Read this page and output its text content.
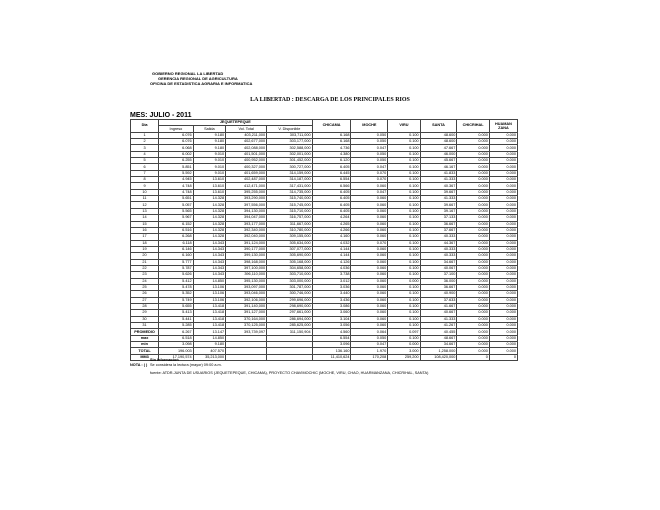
GOBIERNO REGIONAL LA LIBERTAD
GERENCIA REGIONAL DE AGRICULTURA
OFICINA DE ESTADISTICA AGRARIA E INFORMATICA
LA LIBERTAD : DESCARGA DE LOS PRINCIPALES RIOS
MES: JULIO - 2011
Dia	JEQUETEPEQUE				CHICAMA	MOCHE	VIRU	SANTA	CHICRIHAL	HUAMAN ZANA
	Ingreso	Salida	Vol. Total	V. Disponible						
1	6.076	9.180	403,211,000	303,711,000	6.168	0.050	0.100	48.600	0.000	0.000
2	6.076	9.180	402,677,000	303,177,000	6.168	0.050	0.100	48.600	0.000	0.000
3	6.068	9.180	402,088,000	302,588,000	4.736	0.047	0.100	47.667	0.000	0.000
4	6.002	9.010	401,501,000	302,001,000	4.380	0.050	0.100	46.000	0.000	0.000
5	6.255	9.010	400,952,000	301,452,000	6.120	0.050	0.100	45.667	0.000	0.000
6	5.851	9.010	400,327,000	300,727,000	6.405	0.047	0.100	46.167	0.000	0.000
7	5.592	9.010	401,659,000	314,159,000	6.445	0.070	0.100	41.833	0.000	0.000
8	4.945	13.610	402,487,000	314,187,000	6.554	0.070	0.100	41.333	0.000	0.000
9	4.748	13.610	412,471,000	317,431,000	6.566	0.060	0.100	40.367	0.000	0.000
10	4.748	13.610	395,255,000	314,735,000	6.405	0.047	0.100	39.667	0.000	0.000
11	5.651	14.328	393,290,000	315,740,000	6.405	0.060	0.100	41.333	0.000	0.000
12	5.057	14.328	397,556,000	315,745,000	6.405	0.060	0.100	39.667	0.000	0.000
13	5.565	14.328	394,130,000	315,710,000	6.405	0.060	0.100	39.167	0.000	0.000
14	5.967	14.328	394,047,000	316,757,000	4.264	0.060	0.100	37.133	0.000	0.000
15	6.152	14.328	393,177,000	311,667,000	4.265	0.060	0.100	36.667	0.000	0.000
16	6.516	14.328	392,340,000	310,780,000	4.266	0.060	0.100	37.667	0.000	0.000
17	6.268	14.328	392,040,000	309,155,000	4.160	0.060	0.100	40.333	0.000	0.000
18	6.118	14.343	391,124,000	305,634,000	4.032	0.070	0.100	44.367	0.000	0.000
19	6.146	14.343	390,177,000	307,077,000	4.144	0.060	0.100	40.333	0.000	0.000
20	6.160	14.343	399,130,000	305,690,000	4.144	0.060	0.100	40.333	0.000	0.000
21	5.777	14.343	398,168,000	305,168,000	4.126	0.060	0.100	34.667	0.000	0.000
22	5.787	14.343	397,100,000	304,658,000	4.036	0.060	0.100	40.067	0.000	0.000
23	5.626	14.343	396,110,000	303,710,000	3.738	0.060	0.100	37.100	0.000	0.000
24	5.412	14.850	395,130,000	303,000,000	3.012	0.060	0.000	36.000	0.000	0.000
25	5.478	13.106	393,097,000	301,787,000	3.036	0.060	0.100	36.667	0.000	0.000
26	5.352	13.106	393,046,000	300,746,000	3.440	0.060	0.100	40.900	0.000	0.000
27	5.749	13.106	392,106,000	299,696,000	3.436	0.060	0.100	37.633	0.000	0.000
28	5.655	13.418	391,140,000	298,690,000	3.086	0.060	0.100	41.667	0.000	0.000
29	5.413	13.418	391,127,000	297,661,000	3.060	0.060	0.100	40.667	0.000	0.000
30	5.441	13.418	370,164,000	286,694,000	3.104	0.060	0.100	41.333	0.000	0.000
31	5.285	13.418	370,125,000	285,625,000	3.056	0.060	0.100	41.267	0.000	0.000
PROMEDIO	6.267	13.147	393,739,097	311,150,904	4.560	0.064	0.097	40.455	0.000	0.000
max	6.518	14.850			6.554	0.050	0.100	48.667	0.000	0.000
min	3.098	9.180			3.096	0.047	0.000	34.667	0.000	0.000
TOTAL	196.003	407.570			136.160	1.970	3.000	1,258.000	0.000	0.000
MM3	17,190,574	35,213,000			11,410,624	170,208	259,200	108,420,000	0	0
Sin Informacion
NOTA : ( ) Se considera la lectura (mayor) 09:00 a.m.
fuente: ATDR-JUNTA DE USUARIOS (JEQUETEPEQUE, CHICAMA), PROYECTO CHAVIMOCHIC (MOCHE, VIRU, CHAO, HUARMANZANA, CHICRIHAL, SANTA)
